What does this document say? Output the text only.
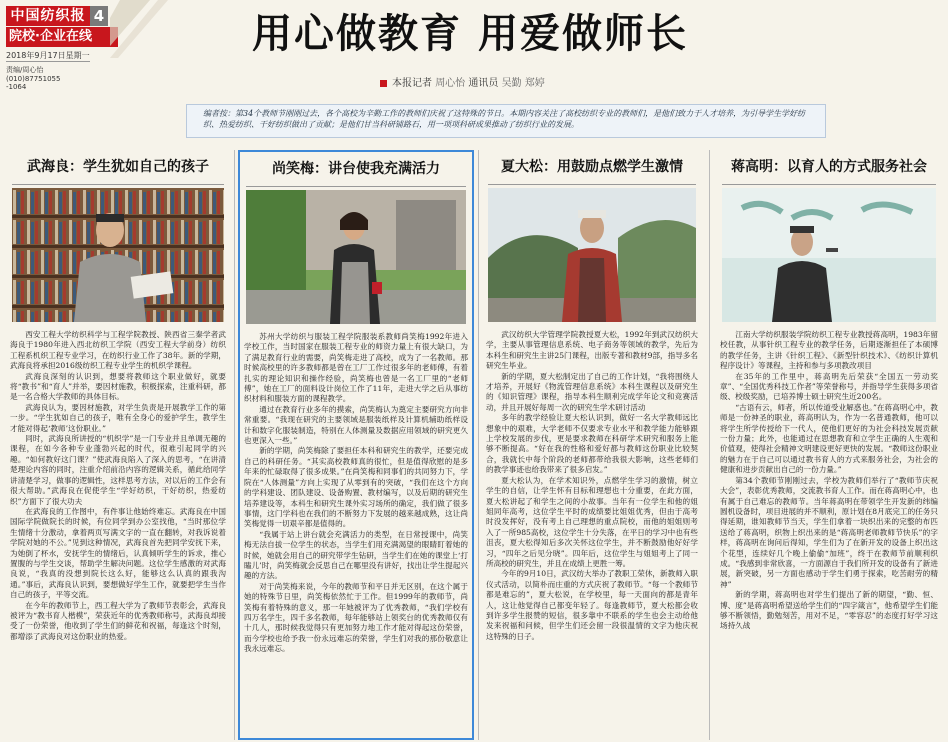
中国纺织报 4
院校·企业在线
2018年9月17日星期一
责编/周心怡
(010)87751055
-1064
用心做教育 用爱做师长
本报记者 周心怡 通讯员 吴勤 郑婷
编者按：第34个教师节刚刚过去，各个高校为辛勤工作的教师们庆祝了这特殊的节日。本期内容关注了高校纺织专业的教师们，是他们致力于人才培养，为引导学生学好纺织、热爱纺织、干好纺织做出了贡献；是他们甘当科研铺路石，用一项项科研成果推动了纺织行业的发展。
武海良：学生犹如自己的孩子

西安工程大学纺织科学与工程学院教授、陕西省三秦学者武海良于1980年进入西北纺织工学院（西安工程大学前身）纺织工程系机织工程专业学习，在纺织行业工作了38年。新的学期，武海良将承担2016级纺织工程专业学生的机织学课程。

武海良深刻的认识到，想要将教师这个职业做好，就要将“教书”和“育人”并举，要因材施教，积极探索，注重科研，都是一名合格大学教师的具体目标。

武海良认为，要因材施教，对学生负责是开展教学工作的第一步。“学生犹如自己的孩子，唯有全身心的爱护学生，教学生才能对得起‘教师’这份职业。”

同时，武海良所讲授的“机织学”是一门专业并且单调无趣的课程，在如今各种专业蓬勃兴起的时代，很难引起同学的兴趣。“如何教好这门课？”使武海良陷入了深入的思考，“在讲清楚理论内容的同时，注重介绍前沿内容的逻辑关系，循此给同学讲清楚学习，做事的逻辑性，这样思考方法，对以后的工作会有很大帮助。”武海良在促使学生“学好纺织，干好纺织，热爱纺织”方面下了很大功夫

在武海良的工作图中，有件事让他始终难忘。武海良在中国国际学院做院长的时候，有位同学到办公室找他，“当时那位学生情绪十分激动，拿着两页写满文字的一直在翻转，对我诉说着学院对她的不公。”见到这种情况，武海良首先把同学安抚下来，为她倒了杯水，安抚学生的情绪后，认真倾听学生的诉求，推心置腹的与学生交谈，帮助学生解决问题。这位学生感激的对武海良说，“我真的没想到院长这么好，能够这么认真的跟我沟通。”事后，武海良认识到，要想做好学生工作，就要把学生当作自己的孩子，平等交流。

在今年的教师节上，西工程大学为了教师节表彰会，武海良被评为“教书育人楷模”，荣获近年的优秀教师称号，武海良却接受了一份荣誉，他收到了学生们的鲜花和祝福，每逢这个时刻，都增添了武海良对这份职业的热爱。

尚笑梅：讲台使我充满活力

苏州大学纺织与服装工程学院服装系教师尚笑梅1992年进入学校工作，当时国家在服装工程专业的师资力量上有很大缺口，为了满足教育行业的需要，尚笑梅走进了高校，成为了一名教师。那时候高校里的许多教师都是曾在工厂工作过很多年的老师傅，有着扎实的理论知识和操作经验，尚笑梅也曾是一名工厂里的“老师傅”，她在工厂的面料设计岗位工作了11年，走进大学之后从事纺织材料和服装方面的课程教学。

通过在教育行业多年的摸索，尚笑梅认为奠定主要研究方向非常重要。“我现在研究的主要领域是服装纸样及计算机辅助纸样设计和数字化服装制造，特别在人体测量及数据应用领域的研究更久也更深入一些。”

新的学期，尚笑梅除了要担任本科和研究生的教学，还要完成自己的科研任务。“其实高校教师真的很忙，但是值得欣慰的是多年来的忙碌取得了很多成果。”在尚笑梅和同事们的共同努力下，学院在“人体测量”方向上实现了从零到有的突破，“我们在这个方向的学科建设、团队建设、设备购置、教材编写，以及后期的研究生培养建设等，本科生和研究生课外实习场所的确定，我们做了很多事情，这门学科也在我们的不断努力下发展的越来越成熟，这让尚笑梅觉得一切艰辛都是值得的。

“我属于站上讲台就会充满活力的类型，在日常授课中，尚笑梅无法自拔一位学生的状态，当学生们用充满渴望的眼睛盯着她的时候，她就会用自己的研究带学生钻研，当学生们在她的课堂上‘打瞌儿’时，尚笑梅就会反思自己在哪里没有讲好，找出让学生提起兴趣的方法。

对于尚笑梅来说，今年的教师节和平日并无区别，在这个属于她的特殊节日里，尚笑梅依然忙于工作。但1999年的教师节，尚笑梅有着特殊的意义，那一年她被评为了优秀教师，“我们学校有四万名学生，四千多名教师，每年能够站上领奖台的优秀教师仅有十几人，那时候我觉得只有更加努力地工作才能对得起这份荣誉，而今学校也给予我一份永远难忘的荣誉，学生们对我的那份敬意让我永远难忘。

夏大松：用鼓励点燃学生激情

武汉纺织大学管理学院教授夏大松，1992年到武汉纺织大学，主要从事管理信息系统、电子商务等领域的教学，先后为本科生和研究生主讲25门课程，出版专著和教材9部，指导多名研究生毕业。

新的学期，夏大松制定出了自己的工作计划，“我将围绕人才培养，开展好《物流管理信息系统》本科生课程以及研究生的《知识管理》课程，指导本科生顺利完成学年论文和竞赛活动，并且开展好每周一次的研究生学术研讨活动

多年的教学经验让夏大松认识到，做好一名大学教师远比想象中的艰难，大学老师不仅要求专业水平和教学能力能够跟上学校发展的步伐，更是要求教师在科研学术研究和服务上能够不断提高。“好在我的性格和爱好都与教师这份职业比较契合，我就长中每个阶段的老师都带给我很大影响，这些老师们的教学事迹也给我带来了很多启发。”

夏大松认为，在学术知识外，点燃学生学习的激情，树立学生的自信，让学生怀有目标和理想也十分重要，在此方面，夏大松讲起了和学生之间的小故事。当年有一位学生和他的姐姐同年高考，这位学生平时的成绩要比姐姐优秀，但由于高考时没发挥好，没有考上自己理想的重点院校，而他的姐姐则考入了一所985高校，这位学生十分失落，在平日的学习中也有些沮丧，夏大松得知后多次关怀这位学生，并不断鼓励他好好学习，“四年之后见分晓”。四年后，这位学生与姐姐考上了同一所高校的研究生，并且在成绩上更胜一筹。

今年的9月10日，武汉纺大举办了教职工荣休，新教师入职仪式活动，以简朴而庄重的方式庆祝了教师节。“每一个教师节都是难忘的”，夏大松说，在学校里，每一天面向的都是青年人，这让他觉得自己都变年轻了。每逢教师节，夏大松都会收到许多学生报赞的短信，很多靠中不联系的学生也会主动给他发来祝福和问候，但学生们还会留一段很温情的文字为他庆祝这特殊的日子。

蒋高明：以育人的方式服务社会

江南大学纺织服装学院纺织工程专业教授蒋高明，1983年留校任教，从事针织工程专业的教学任务，后期逐渐担任了本硕博的教学任务，主讲《针织工程》、《新型针织技术》、《纺织计算机程序设计》等课程，主持和参与多项教改项目

在35年的工作里中，蒋高明先后荣获“全国五一劳动奖章”、“全国优秀科技工作者”等荣誉称号，并指导学生获得多项省级、校级奖励，已培养博士硕士研究生近200名。

“古语有云，师者，所以传道受业解惑也。”在蒋高明心中，教师是一份神圣的职业，蒋高明认为，作为一名普通教师，他可以将学生所学传授给下一代人，使他们更好的为社会科技发展贡献一份力量；此外，也能通过在思想教育和立学生正确的人生观和价值观，使得社会精神文明建设更好更快的发展。“教师这份职业的魅力在于自己可以通过教书育人的方式来服务社会，为社会的健康和进步贡献出自己的一份力量。”

第34个教师节刚刚过去，学校为教师们举行了“教师节庆祝大会”，表彰优秀教师，交流教书育人工作。而在蒋高明心中，也有属于自己难忘的教师节。当年蒋高明在带领学生开发新的纬编圆机设备时，项目进展的并不顺利，原计划在8月底完工的任务只得延期，谁知教师节当天，学生们拿着一块织出来的完整的布匹送给了蒋高明，织物上织出来的是“蒋高明老师教师节快乐”的字样，蒋高明在询问后得知，学生们为了在新开发的设备上织出这个花型，连续好几个晚上偷偷“加班”，终于在教师节前顺利织成。“我感到非常欣喜，一方面源自于我们所开发的设备有了新进展，新突破，另一方面也感动于学生们勇于探索，吃苦耐劳的精神”

新的学期，蒋高明也对学生们提出了新的期望，“勤、恒、博、度”是蒋高明希望送给学生们的“四字箴言”，他希望学生们能够不断领悟，勤勉刻苦，用对不足，“零容忍”的态度打好学习这场持久战
